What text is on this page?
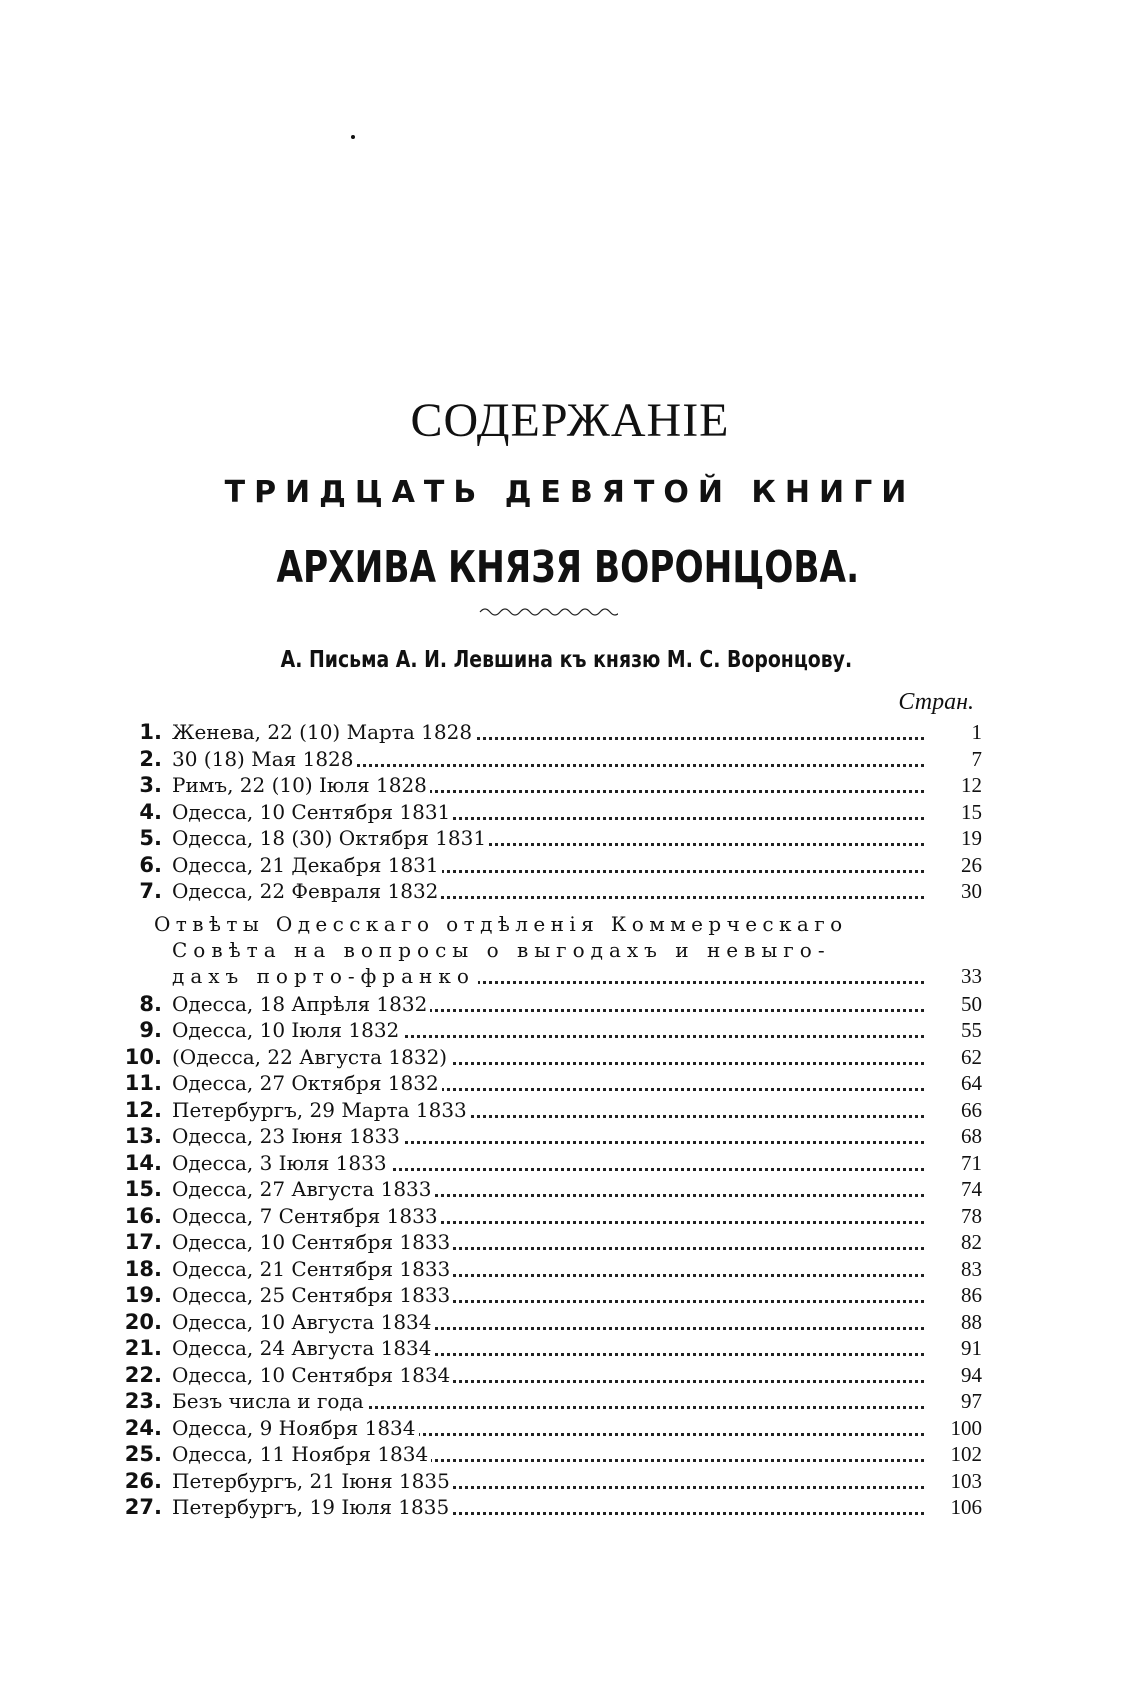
СОДЕРЖАНІЕ
ТРИДЦАТЬ ДЕВЯТОЙ КНИГИ
АРХИВА КНЯЗЯ ВОРОНЦОВА.
А. Письма А. И. Левшина къ князю М. С. Воронцову.
Стран.
1. Женева, 22 (10) Марта 1828	1
2. 30 (18) Мая 1828	7
3. Римъ, 22 (10) Іюля 1828	12
4. Одесса, 10 Сентября 1831	15
5. Одесса, 18 (30) Октября 1831	19
6. Одесса, 21 Декабря 1831	26
7. Одесса, 22 Февраля 1832	30
Отвѣты Одесскаго отдѣленія Коммерческаго
Совѣта на вопросы о выгодахъ и невыго-
дахъ порто-франко	33
8. Одесса, 18 Апрѣля 1832	50
9. Одесса, 10 Іюля 1832	55
10. (Одесса, 22 Августа 1832)	62
11. Одесса, 27 Октября 1832	64
12. Петербургъ, 29 Марта 1833	66
13. Одесса, 23 Іюня 1833	68
14. Одесса, 3 Іюля 1833	71
15. Одесса, 27 Августа 1833	74
16. Одесса, 7 Сентября 1833	78
17. Одесса, 10 Сентября 1833	82
18. Одесса, 21 Сентября 1833	83
19. Одесса, 25 Сентября 1833	86
20. Одесса, 10 Августа 1834	88
21. Одесса, 24 Августа 1834	91
22. Одесса, 10 Сентября 1834	94
23. Безъ числа и года	97
24. Одесса, 9 Ноября 1834	100
25. Одесса, 11 Ноября 1834	102
26. Петербургъ, 21 Іюня 1835	103
27. Петербургъ, 19 Іюля 1835	106
